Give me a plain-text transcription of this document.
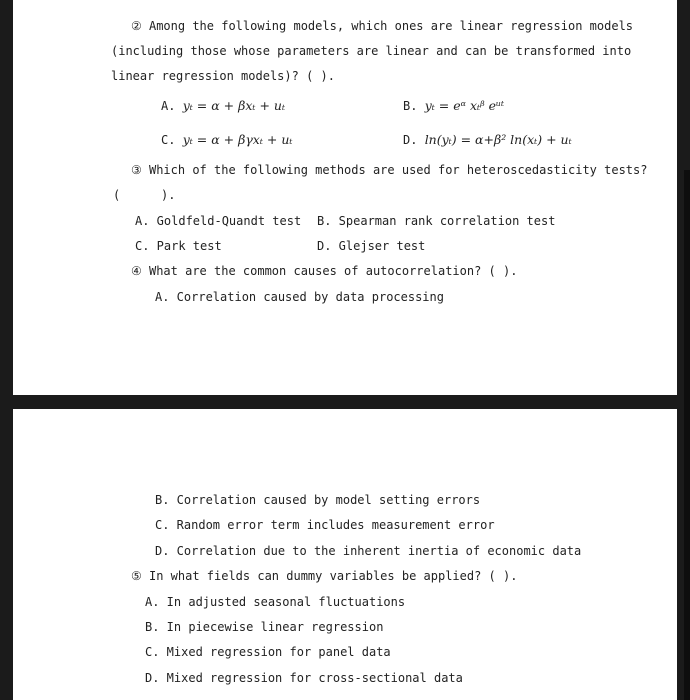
② Among the following models, which ones are linear regression models
(including those whose parameters are linear and can be transformed into
linear regression models)? ( ).
A. yₜ = α + βxₜ + uₜ	B. yₜ = eᵅ xₜᵝ eᵘᵗ
C. yₜ = α + βγxₜ + uₜ	D. ln(yₜ) = α+β² ln(xₜ) + uₜ
③ Which of the following methods are used for heteroscedasticity tests?
(	).
A. Goldfeld-Quandt test B. Spearman rank correlation test
C. Park test	D. Glejser test
④ What are the common causes of autocorrelation? ( ).
A. Correlation caused by data processing
B. Correlation caused by model setting errors
C. Random error term includes measurement error
D. Correlation due to the inherent inertia of economic data
⑤ In what fields can dummy variables be applied? ( ).
A. In adjusted seasonal fluctuations
B. In piecewise linear regression
C. Mixed regression for panel data
D. Mixed regression for cross-sectional data
